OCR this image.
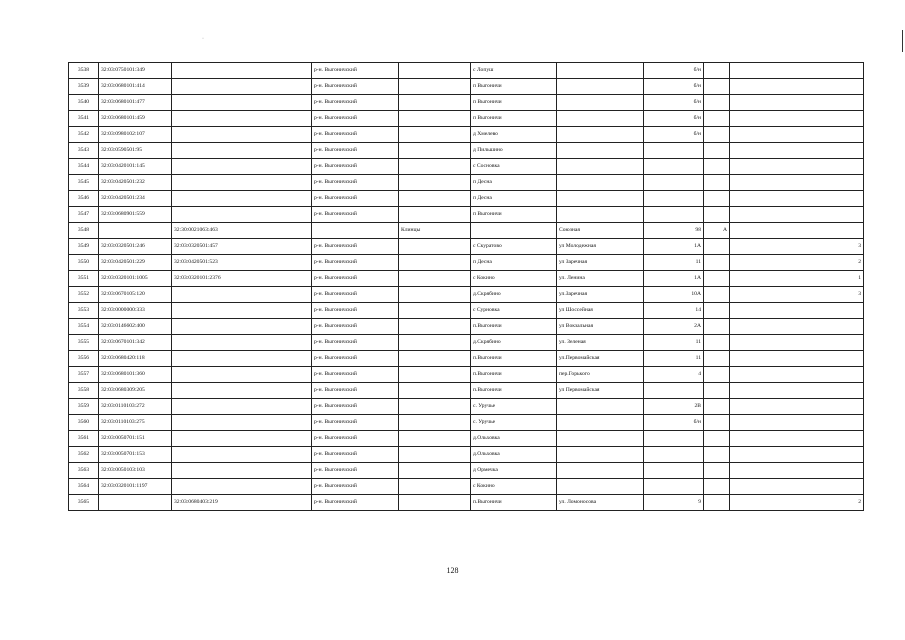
·
3538	32:03:0750101:349		р-н. Выгоничский		с Лопуш		б/н		
3539	32:03:0680101:414		р-н. Выгоничский		п Выгоничи		б/н		
3540	32:03:0680101:477		р-н. Выгоничский		п Выгоничи		б/н		
3541	32:03:0680101:459		р-н. Выгоничский		п Выгоничи		б/н		
3542	32:03:0980102:107		р-н. Выгоничский		д Хмелево		б/н		
3543	32:03:0590501:95		р-н. Выгоничский		д Пильшино				
3544	32:03:0420101:145		р-н. Выгоничский		с Сосновка				
3545	32:03:0420501:232		р-н. Выгоничский		п Десна				
3546	32:03:0420501:234		р-н. Выгоничский		п Десна				
3547	32:03:0680901:559		р-н. Выгоничский		п Выгоничи				
3548		32:30:0021063:463		Клинцы		Союзная	98	А	
3549	32:03:0320501:246	32:03:0320501:457	р-н. Выгоничский		с Скуратово	ул Молодежная	1А		3
3550	32:03:0420501:229	32:03:0420501:523	р-н. Выгоничский		п Десна	ул Заречная	11		2
3551	32:03:0320101:1005	32:03:0320101:2376	р-н. Выгоничский		с Кокино	ул. Ленина	1А		1
3552	32:03:0670105:120		р-н. Выгоничский		д.Скрябино	ул.Заречная	10А		3
3553	32:03:0000000:333		р-н. Выгоничский		с Сурновка	ул Шоссейная	14		
3554	32:03:0146602:400		р-н. Выгоничский		п.Выгоничи	ул Вокзальная	2А		
3555	32:03:0670101:342		р-н. Выгоничский		д.Скрябино	ул. Зеленая	11		
3556	32:03:0680420:118		р-н. Выгоничский		п.Выгоничи	ул.Первомайская	11		
3557	32:03:0680101:360		р-н. Выгоничский		п.Выгоничи	пер.Горького	4		
3558	32:03:0680309:205		р-н. Выгоничский		п.Выгоничи	ул Первомайская			
3559	32:03:0110103:272		р-н. Выгоничский		с. Уручье		2В		
3560	32:03:0110103:275		р-н. Выгоничский		с. Уручье		б/н		
3561	32:03:0050701:151		р-н. Выгоничский		д.Ольховка				
3562	32:03:0050701:153		р-н. Выгоничский		д.Ольховка				
3563	32:03:0050103:103		р-н. Выгоничский		д Ормечка				
3564	32:03:0320101:1197		р-н. Выгоничский		с Кокино				
3565		32:03:0680403:219	р-н. Выгоничский		п.Выгоничи	ул. Ломоносова	9		2
128
